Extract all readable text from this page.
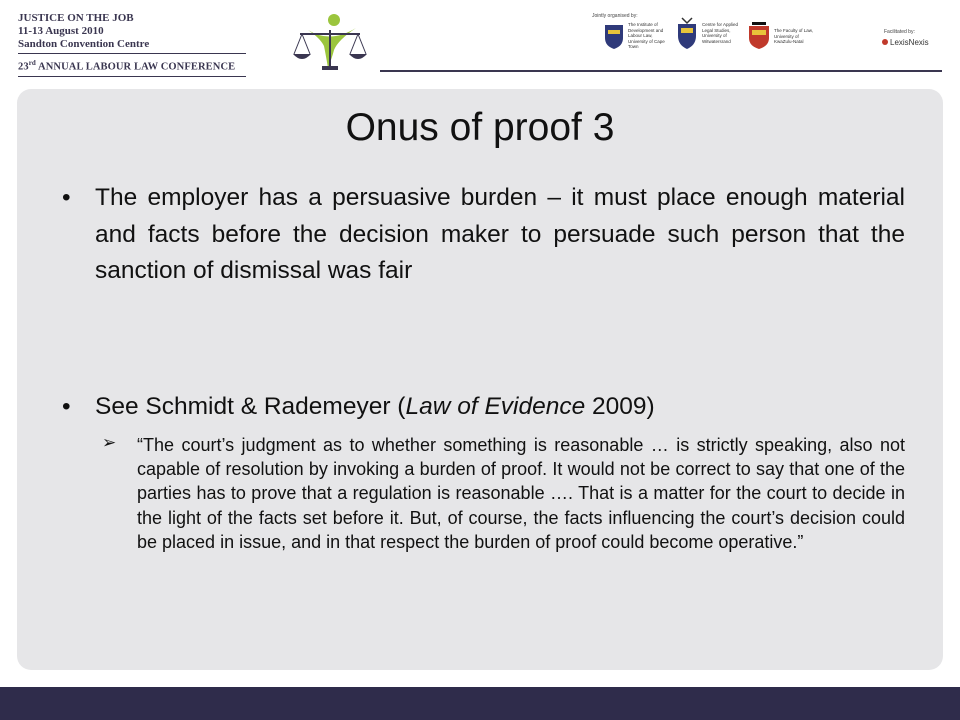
JUSTICE ON THE JOB
11-13 August 2010
Sandton Convention Centre
23rd ANNUAL LABOUR LAW CONFERENCE
Jointly organised by:
The Institute of Development and Labour Law, University of Cape Town
Centre for Applied Legal Studies, University of Witwatersrand
The Faculty of Law, University of KwaZulu-Natal
Facilitated by:
LexisNexis
Onus of proof 3
• The employer has a persuasive burden – it must place enough material and facts before the decision maker to persuade such person that the sanction of dismissal was fair
• See Schmidt & Rademeyer (Law of Evidence 2009)
➢ “The court’s judgment as to whether something is reasonable … is strictly speaking, also not capable of resolution by invoking a burden of proof. It would not be correct to say that one of the parties has to prove that a regulation is reasonable …. That is a matter for the court to decide in the light of the facts set before it. But, of course, the facts influencing the court’s decision could be placed in issue, and in that respect the burden of proof could become operative.”
